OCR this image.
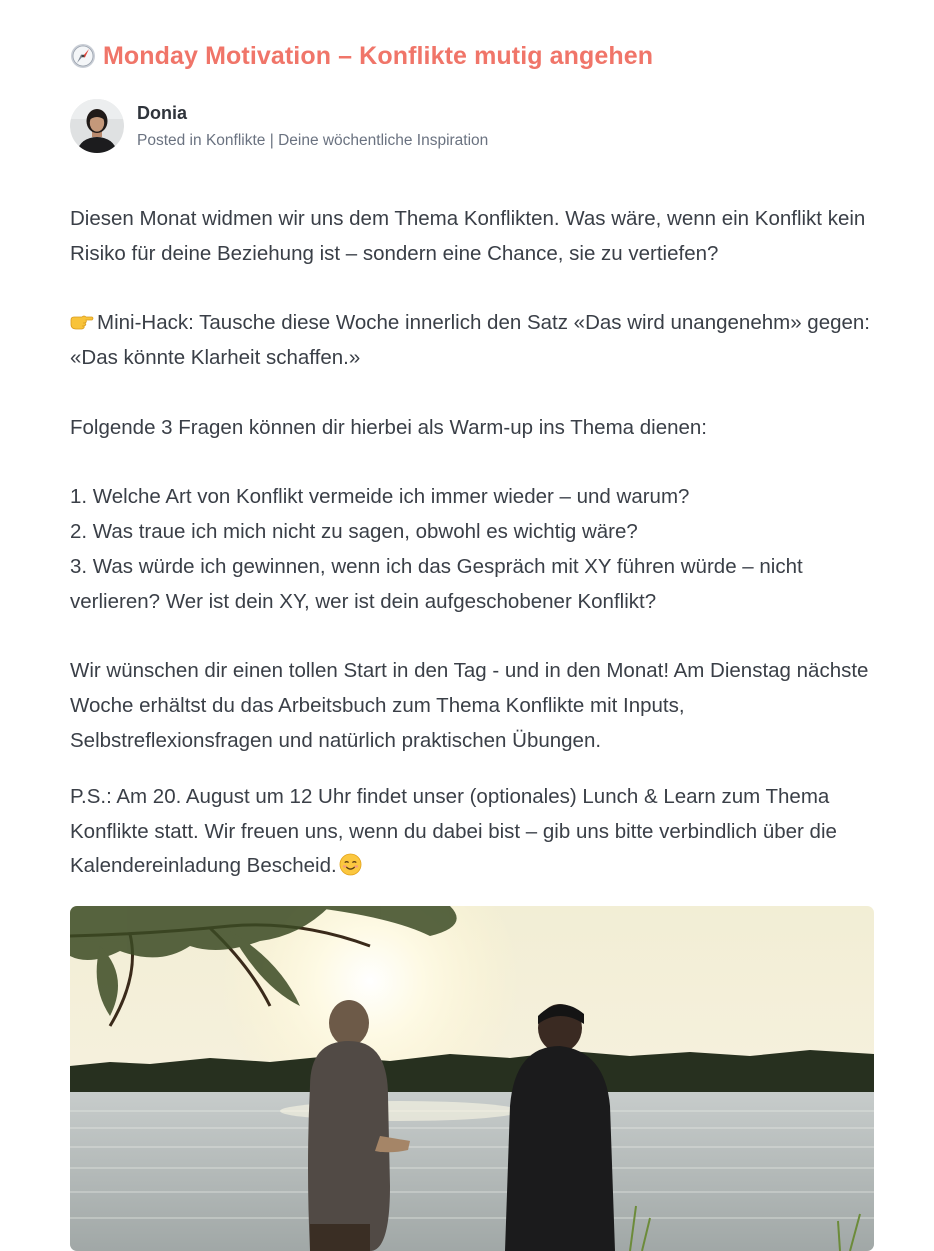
Monday Motivation – Konflikte mutig angehen
Donia
Posted in Konflikte | Deine wöchentliche Inspiration

Diesen Monat widmen wir uns dem Thema Konflikten. Was wäre, wenn ein Konflikt kein Risiko für deine Beziehung ist – sondern eine Chance, sie zu vertiefen?

Mini-Hack: Tausche diese Woche innerlich den Satz «Das wird unangenehm» gegen: «Das könnte Klarheit schaffen.»

Folgende 3 Fragen können dir hierbei als Warm-up ins Thema dienen:

1. Welche Art von Konflikt vermeide ich immer wieder – und warum?

2. Was traue ich mich nicht zu sagen, obwohl es wichtig wäre?

3. Was würde ich gewinnen, wenn ich das Gespräch mit XY führen würde – nicht verlieren? Wer ist dein XY, wer ist dein aufgeschobener Konflikt?

Wir wünschen dir einen tollen Start in den Tag - und in den Monat! Am Dienstag nächste Woche erhältst du das Arbeitsbuch zum Thema Konflikte mit Inputs, Selbstreflexionsfragen und natürlich praktischen Übungen.

P.S.: Am 20. August um 12 Uhr findet unser (optionales) Lunch & Learn zum Thema Konflikte statt. Wir freuen uns, wenn du dabei bist – gib uns bitte verbindlich über die Kalendereinladung Bescheid.
